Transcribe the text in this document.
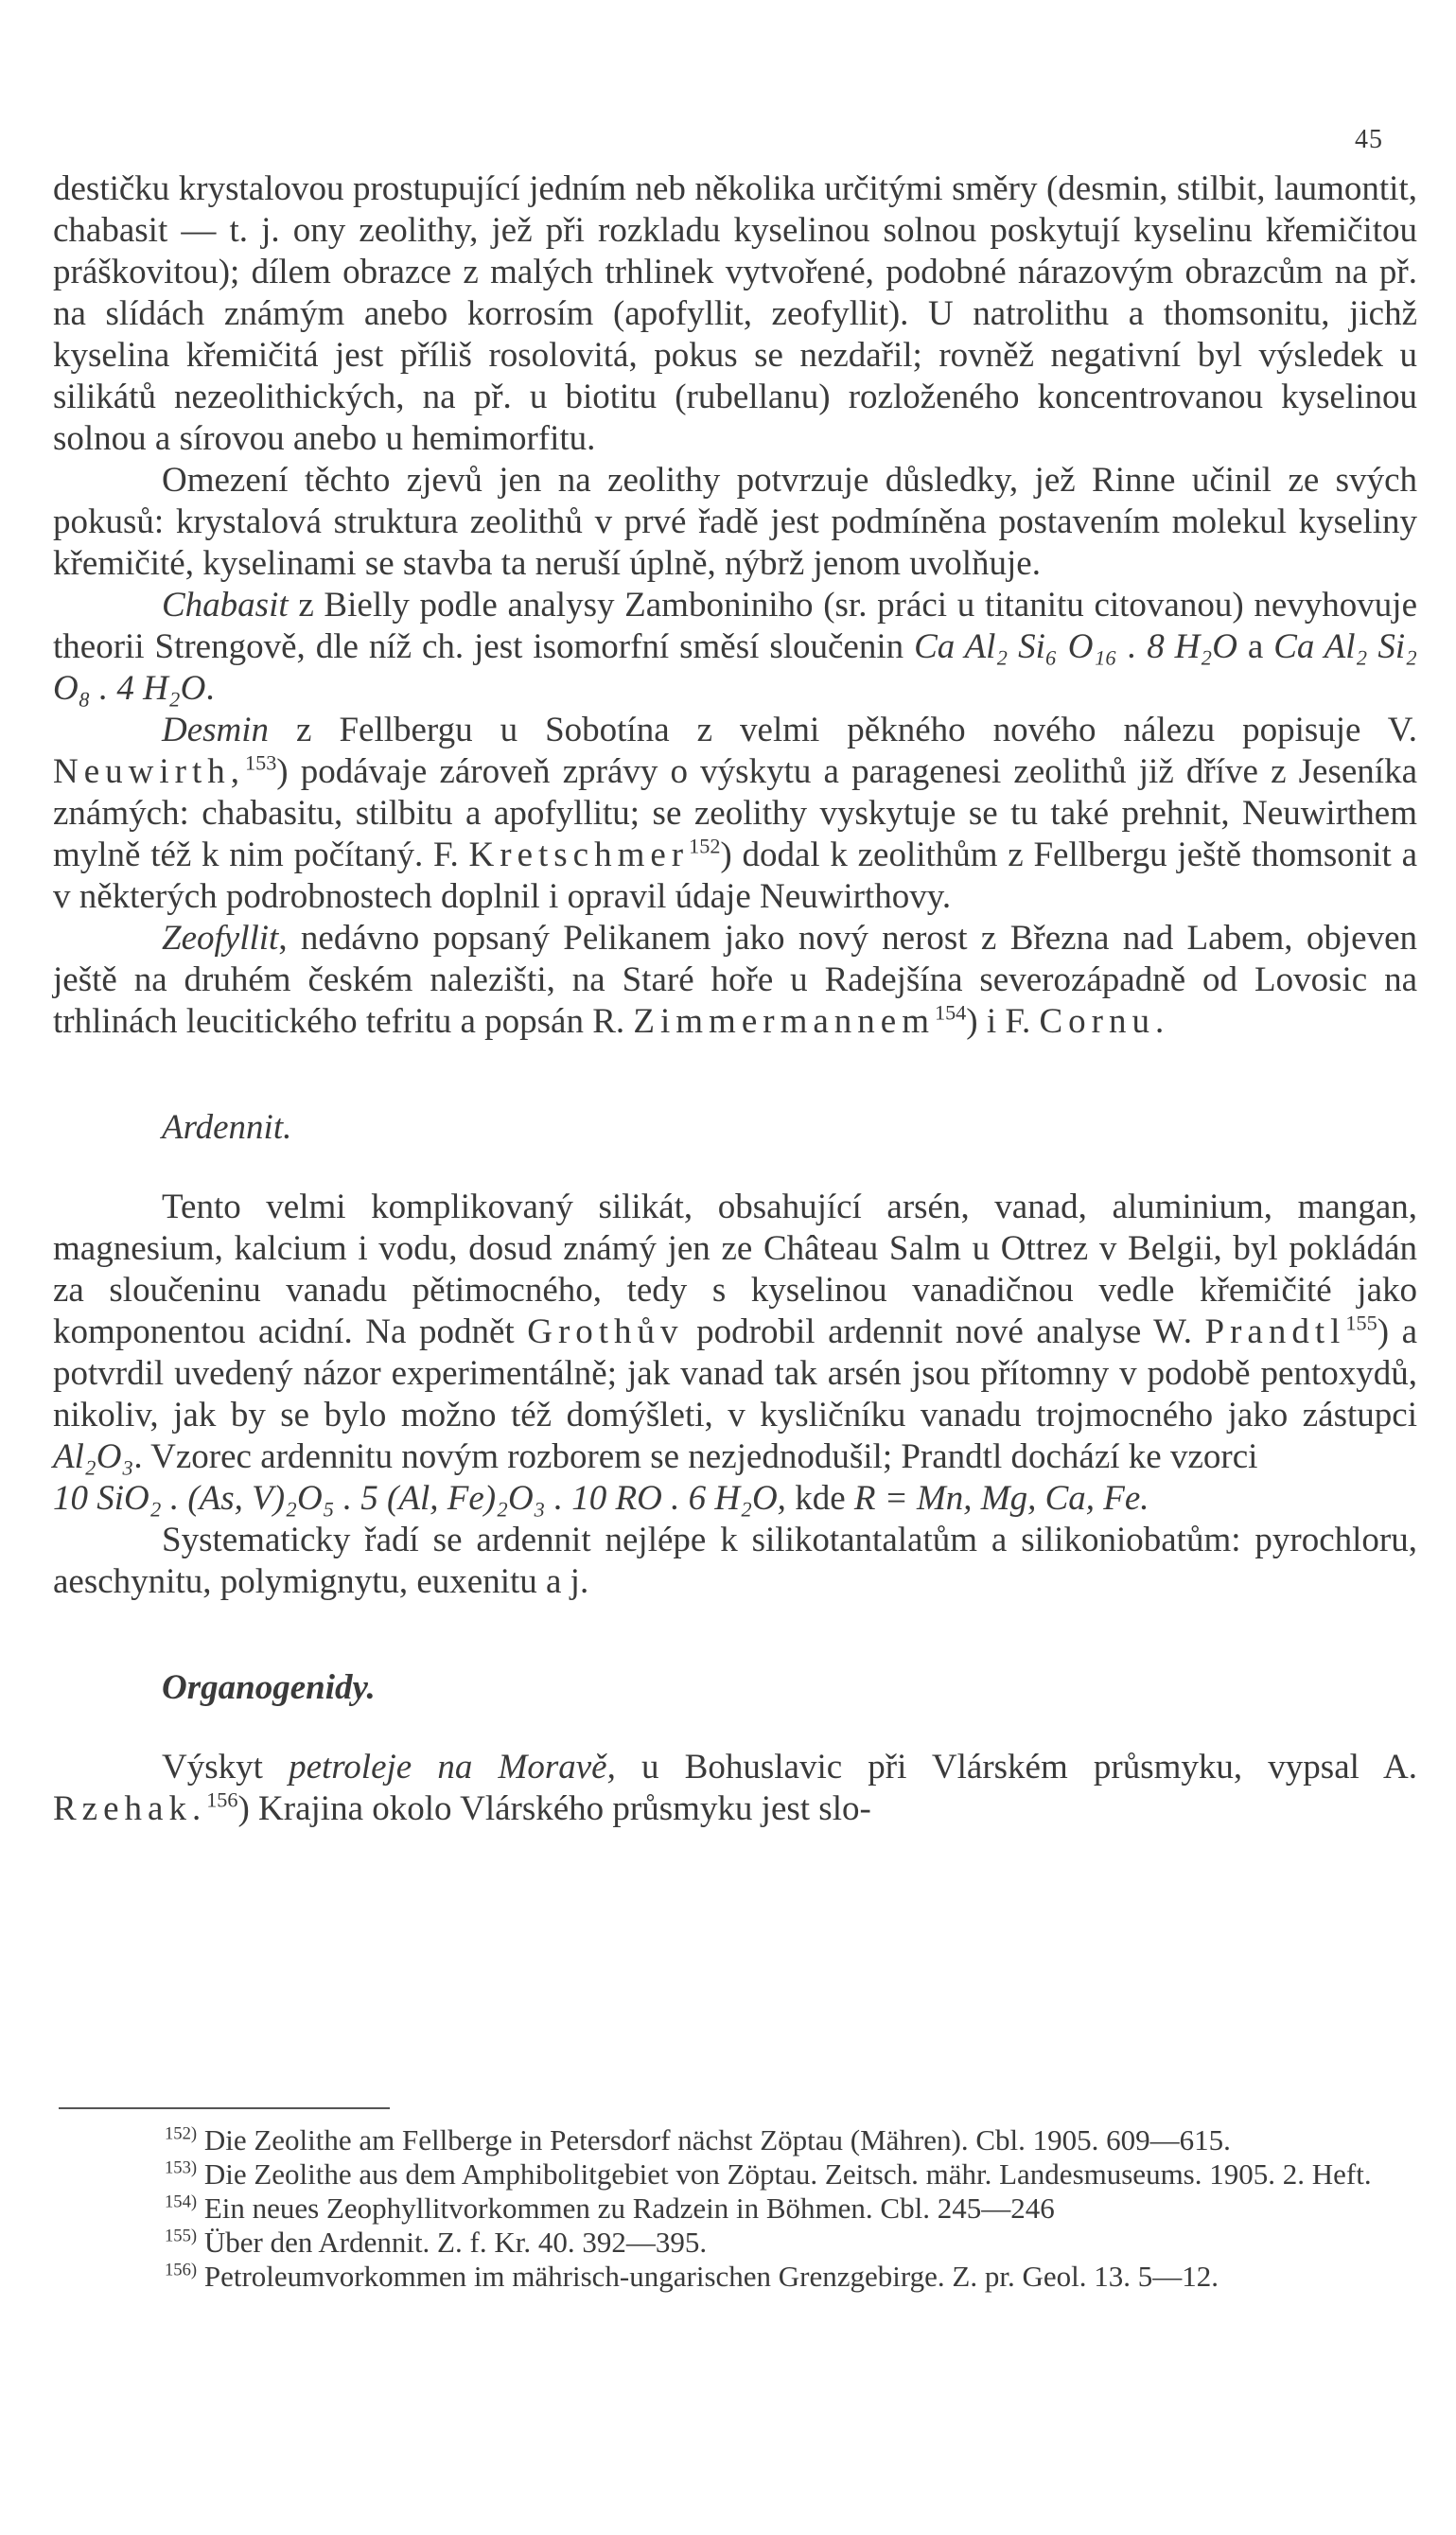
45

destičku krystalovou prostupující jedním neb několika určitými směry (desmin, stilbit, laumontit, chabasit — t. j. ony zeolithy, jež při rozkladu kyselinou solnou poskytují kyselinu křemičitou práškovitou); dílem obrazce z malých trhlinek vytvořené, podobné nárazovým obrazcům na př. na slídách známým anebo korrosím (apofyllit, zeofyllit). U natrolithu a thomsonitu, jichž kyselina křemičitá jest příliš rosolovitá, pokus se nezdařil; rovněž negativní byl výsledek u silikátů nezeolithických, na př. u biotitu (rubellanu) rozloženého koncentrovanou kyselinou solnou a sírovou anebo u hemimorfitu.

Omezení těchto zjevů jen na zeolithy potvrzuje důsledky, jež Rinne učinil ze svých pokusů: krystalová struktura zeolithů v prvé řadě jest podmíněna postavením molekul kyseliny křemičité, kyselinami se stavba ta neruší úplně, nýbrž jenom uvolňuje.

Chabasit z Bielly podle analysy Zamboniniho (sr. práci u titanitu citovanou) nevyhovuje theorii Strengově, dle níž ch. jest isomorfní směsí sloučenin Ca Al₂ Si₆ O₁₆ . 8 H₂O a Ca Al₂ Si₂ O₈ . 4 H₂O.

Desmin z Fellbergu u Sobotína z velmi pěkného nového nálezu popisuje V. Neuwirth,$^{153}$) podávaje zároveň zprávy o výskytu a paragenesi zeolithů již dříve z Jeseníka známých: chabasitu, stilbitu a apofyllitu; se zeolithy vyskytuje se tu také prehnit, Neuwirthem mylně též k nim počítaný. F. Kretschmer$^{152}$) dodal k zeolithům z Fellbergu ještě thomsonit a v některých podrobnostech doplnil i opravil údaje Neuwirthovy.

Zeofyllit, nedávno popsaný Pelikanem jako nový nerost z Března nad Labem, objeven ještě na druhém českém nalezišti, na Staré hoře u Radejšína severozápadně od Lovosic na trhlinách leucitického tefritu a popsán R. Zimmermannem$^{154}$) i F. Cornu.

Ardennit.

Tento velmi komplikovaný silikát, obsahující arsén, vanad, aluminium, mangan, magnesium, kalcium i vodu, dosud známý jen ze Château Salm u Ottrez v Belgii, byl pokládán za sloučeninu vanadu pětimocného, tedy s kyselinou vanadičnou vedle křemičité jako komponentou acidní. Na podnět Grothův podrobil ardennit nové analyse W. Prandtl$^{155}$) a potvrdil uvedený názor experimentálně; jak vanad tak arsén jsou přítomny v podobě pentoxydů, nikoliv, jak by se bylo možno též domýšleti, v kysličníku vanadu trojmocného jako zástupci Al₂O₃. Vzorec ardennitu novým rozborem se nezjednodušil; Prandtl dochází ke vzorci

10 SiO₂ . (As, V)₂O₅ . 5 (Al, Fe)₂O₃ . 10 RO . 6 H₂O, kde R = Mn, Mg, Ca, Fe.

Systematicky řadí se ardennit nejlépe k silikotantalatům a silikoniobatům: pyrochloru, aeschynitu, polymignytu, euxenitu a j.

Organogenidy.

Výskyt petroleje na Moravě, u Bohuslavic při Vlárském průsmyku, vypsal A. Rzehak.$^{156}$) Krajina okolo Vlárského průsmyku jest slo-

$^{152)}$ Die Zeolithe am Fellberge in Petersdorf nächst Zöptau (Mähren). Cbl. 1905. 609—615.

$^{153)}$ Die Zeolithe aus dem Amphibolitgebiet von Zöptau. Zeitsch. mähr. Landesmuseums. 1905. 2. Heft.

$^{154)}$ Ein neues Zeophyllitvorkommen zu Radzein in Böhmen. Cbl. 245—246

$^{155)}$ Über den Ardennit. Z. f. Kr. 40. 392—395.

$^{156)}$ Petroleumvorkommen im mährisch-ungarischen Grenzgebirge. Z. pr. Geol. 13. 5—12.
